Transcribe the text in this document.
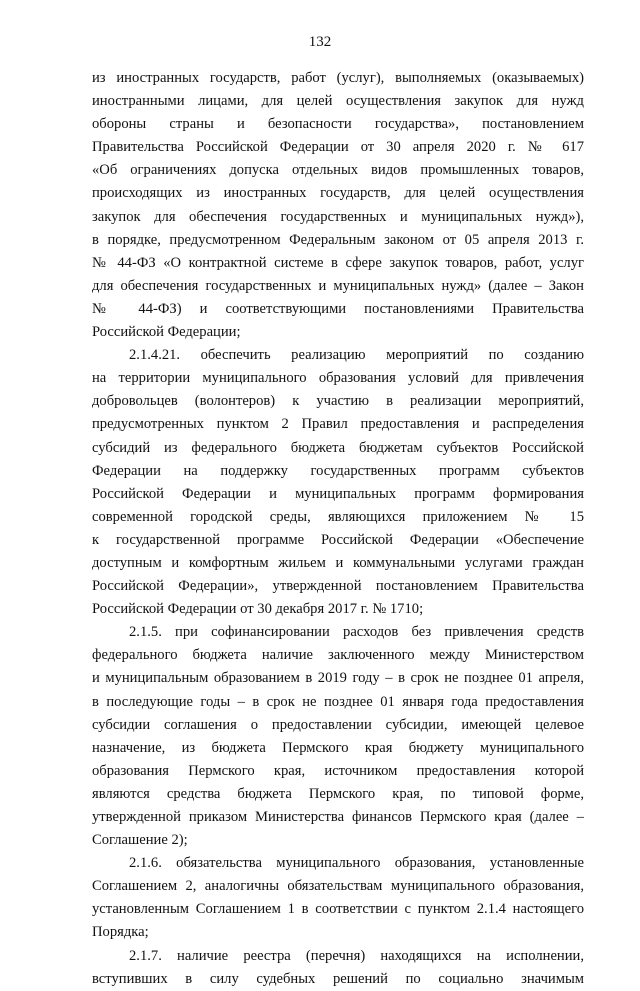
132
из иностранных государств, работ (услуг), выполняемых (оказываемых)
иностранными лицами, для целей осуществления закупок для нужд
обороны страны и безопасности государства», постановлением
Правительства Российской Федерации от 30 апреля 2020 г. № 617
«Об ограничениях допуска отдельных видов промышленных товаров,
происходящих из иностранных государств, для целей осуществления
закупок для обеспечения государственных и муниципальных нужд»),
в порядке, предусмотренном Федеральным законом от 05 апреля 2013 г.
№ 44-ФЗ «О контрактной системе в сфере закупок товаров, работ, услуг
для обеспечения государственных и муниципальных нужд» (далее – Закон
№ 44-ФЗ) и соответствующими постановлениями Правительства
Российской Федерации;
2.1.4.21. обеспечить реализацию мероприятий по созданию
на территории муниципального образования условий для привлечения
добровольцев (волонтеров) к участию в реализации мероприятий,
предусмотренных пунктом 2 Правил предоставления и распределения
субсидий из федерального бюджета бюджетам субъектов Российской
Федерации на поддержку государственных программ субъектов
Российской Федерации и муниципальных программ формирования
современной городской среды, являющихся приложением № 15
к государственной программе Российской Федерации «Обеспечение
доступным и комфортным жильем и коммунальными услугами граждан
Российской Федерации», утвержденной постановлением Правительства
Российской Федерации от 30 декабря 2017 г. № 1710;
2.1.5. при софинансировании расходов без привлечения средств
федерального бюджета наличие заключенного между Министерством
и муниципальным образованием в 2019 году – в срок не позднее 01 апреля,
в последующие годы – в срок не позднее 01 января года предоставления
субсидии соглашения о предоставлении субсидии, имеющей целевое
назначение, из бюджета Пермского края бюджету муниципального
образования Пермского края, источником предоставления которой
являются средства бюджета Пермского края, по типовой форме,
утвержденной приказом Министерства финансов Пермского края (далее –
Соглашение 2);
2.1.6. обязательства муниципального образования, установленные
Соглашением 2, аналогичны обязательствам муниципального образования,
установленным Соглашением 1 в соответствии с пунктом 2.1.4 настоящего
Порядка;
2.1.7. наличие реестра (перечня) находящихся на исполнении,
вступивших в силу судебных решений по социально значимым
